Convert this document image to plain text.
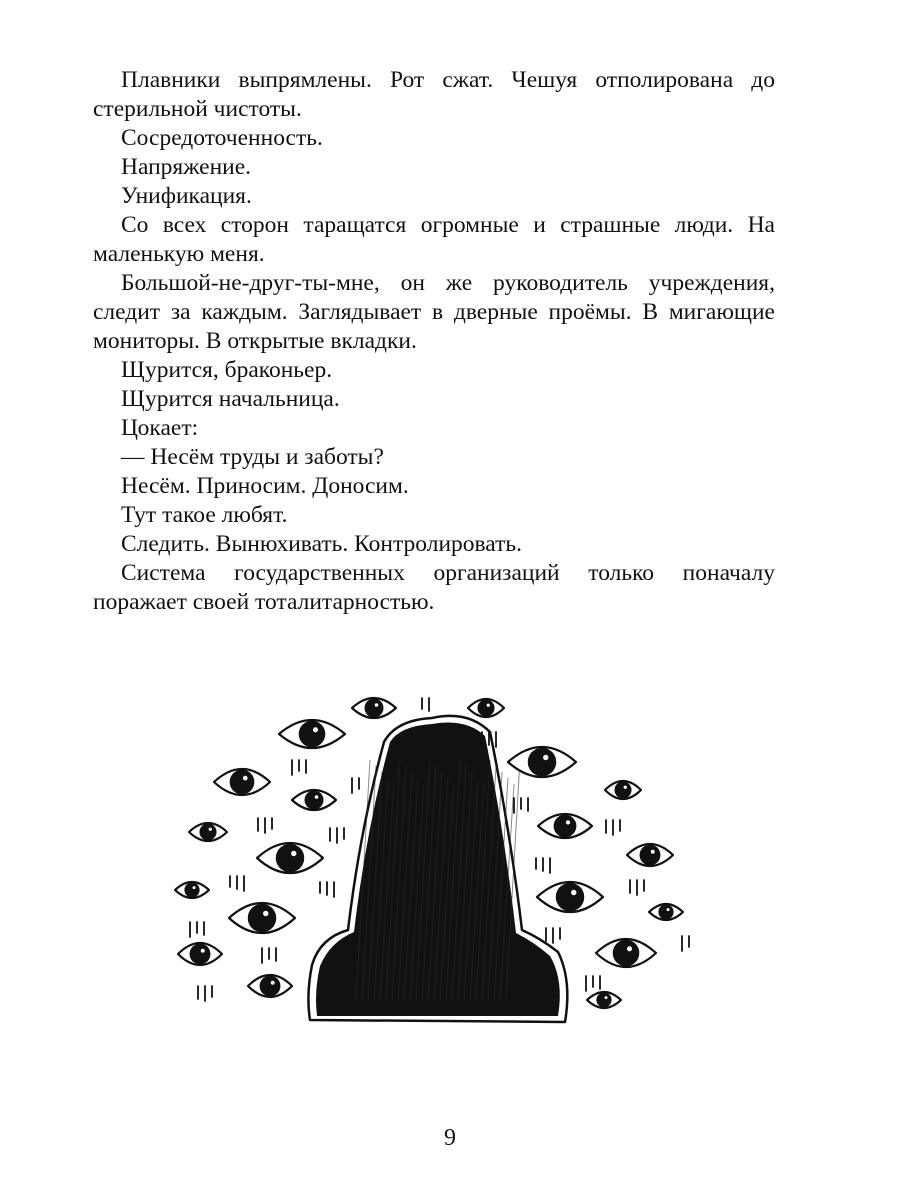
Плавники выпрямлены. Рот сжат. Чешуя отполирована до стерильной чистоты.

Сосредоточенность.

Напряжение.

Унификация.

Со всех сторон таращатся огромные и страшные люди. На маленькую меня.

Большой-не-друг-ты-мне, он же руководитель учреждения, следит за каждым. Заглядывает в дверные проёмы. В мигающие мониторы. В открытые вкладки.

Щурится, браконьер.

Щурится начальница.

Цокает:

— Несём труды и заботы?

Несём. Приносим. Доносим.

Тут такое любят.

Следить. Вынюхивать. Контролировать.

Система государственных организаций только поначалу поражает своей тоталитарностью.

9
